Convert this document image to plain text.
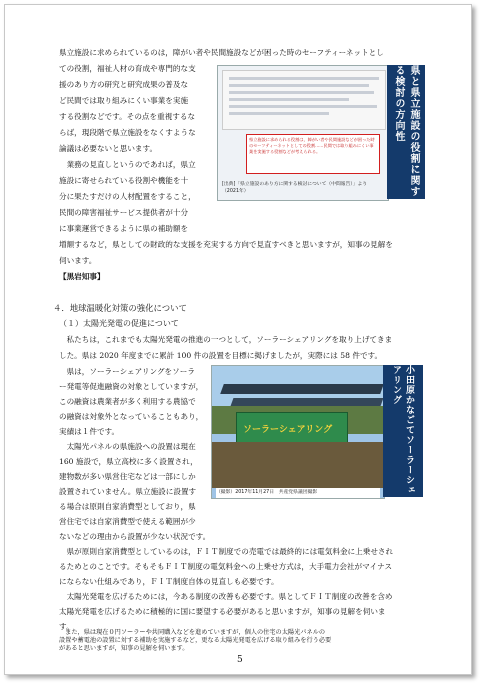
県立施設に求められているのは，障がい者や民間施設などが困った時のセーフティーネットとし
ての役割，福祉人材の育成や専門的な支
援のあり方の研究と研究成果の普及な
ど民間では取り組みにくい事業を実施
する役割などです。その点を重視するな
らば，現段階で県立施設をなくすような
論議は必要ないと思います。
　業務の見直しというのであれば，県立
施設に寄せられている役割や機能を十
分に果たすだけの人材配置をすること，
民間の障害福祉サービス提供者が十分
に事業運営できるように県の補助額を
増額するなど，県としての財政的な支援を充実する方向で見直すべきと思いますが，知事の見解を
伺います。
【黒岩知事】
県立施設に求められる役割は，障がい者や民間施設などが困った時のセーフティーネットとしての役割……民間では取り組みにくい事業を実施する役割などが考えられる。
[出典]「県立施設のあり方に関する検討について（中間報告）」より（2021年）	県と県立施設の役割に関する検討の方向性
４．地球温暖化対策の強化について
（１）太陽光発電の促進について
　私たちは，これまでも太陽光発電の推進の一つとして，ソーラーシェアリングを取り上げてきま
した。県は 2020 年度までに累計 100 件の設置を目標に掲げましたが，実際には 58 件です。
　県は，ソーラーシェアリングをソーラ
ー発電等促進融資の対象としていますが，
この融資は農業者が多く利用する農協で
の融資は対象外となっていることもあり，
実績は１件です。
　太陽光パネルの県施設への設置は現在
160 施設で，県立高校に多く設置され，
建物数が多い県営住宅などは一部にしか
設置されていません。県立施設に設置す
る場合は原則自家消費型としており，県
営住宅では自家消費型で使える範囲が少
ないなどの理由から設置が少ない状況です。
　県が原則自家消費型としているのは，ＦＩＴ制度での売電では最終的には電気料金に上乗せされ
るためとのことです。そもそもＦＩＴ制度の電気料金への上乗せ方式は，大手電力会社がマイナス
にならない仕組みであり，ＦＩＴ制度自体の見直しも必要です。
　太陽光発電を広げるためには，今ある制度の改善も必要です。県としてＦＩＴ制度の改善を含め
太陽光発電を広げるために積極的に国に要望する必要があると思いますが，知事の見解を伺いま
す。
ソーラーシェアリング
（撮影）2017年11月27日　共産党県議団撮影	小田原かなごてソーラーシェアリング
5
　また，県は現在０円ソーラーや共同購入などを進めていますが，個人の住宅の太陽光パネルの
設置や蓄電池の設置に対する補助を実施するなど，更なる太陽光発電を広げる取り組みを行う必要
があると思いますが，知事の見解を伺います。
